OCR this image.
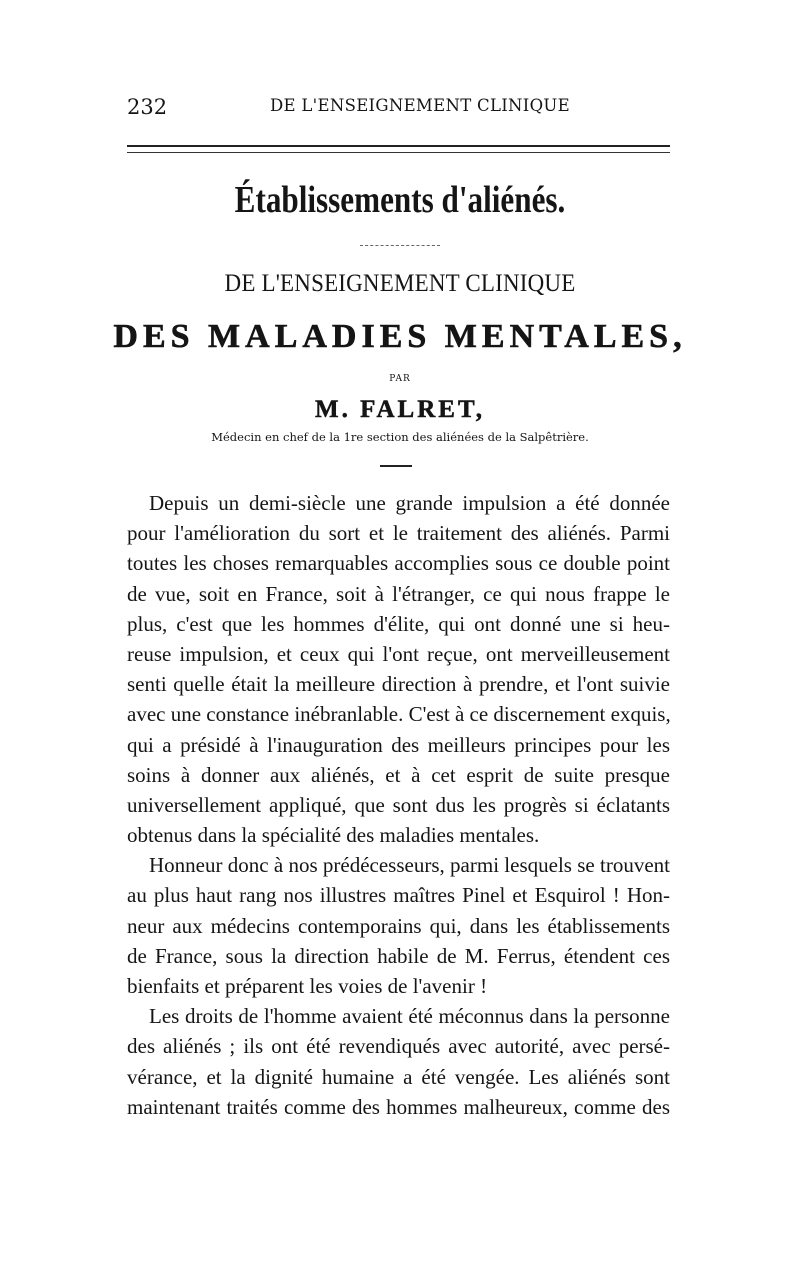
232	DE L'ENSEIGNEMENT CLINIQUE
Établissements d'aliénés.
DE L'ENSEIGNEMENT CLINIQUE
DES MALADIES MENTALES,
PAR
M. FALRET,
Médecin en chef de la 1re section des aliénées de la Salpêtrière.
Depuis un demi-siècle une grande impulsion a été donnée
pour l'amélioration du sort et le traitement des aliénés. Parmi
toutes les choses remarquables accomplies sous ce double point
de vue, soit en France, soit à l'étranger, ce qui nous frappe le
plus, c'est que les hommes d'élite, qui ont donné une si heu-
reuse impulsion, et ceux qui l'ont reçue, ont merveilleusement
senti quelle était la meilleure direction à prendre, et l'ont suivie
avec une constance inébranlable. C'est à ce discernement exquis,
qui a présidé à l'inauguration des meilleurs principes pour les
soins à donner aux aliénés, et à cet esprit de suite presque
universellement appliqué, que sont dus les progrès si éclatants
obtenus dans la spécialité des maladies mentales.
Honneur donc à nos prédécesseurs, parmi lesquels se trouvent
au plus haut rang nos illustres maîtres Pinel et Esquirol ! Hon-
neur aux médecins contemporains qui, dans les établissements
de France, sous la direction habile de M. Ferrus, étendent ces
bienfaits et préparent les voies de l'avenir !
Les droits de l'homme avaient été méconnus dans la personne
des aliénés ; ils ont été revendiqués avec autorité, avec persé-
vérance, et la dignité humaine a été vengée. Les aliénés sont
maintenant traités comme des hommes malheureux, comme des
